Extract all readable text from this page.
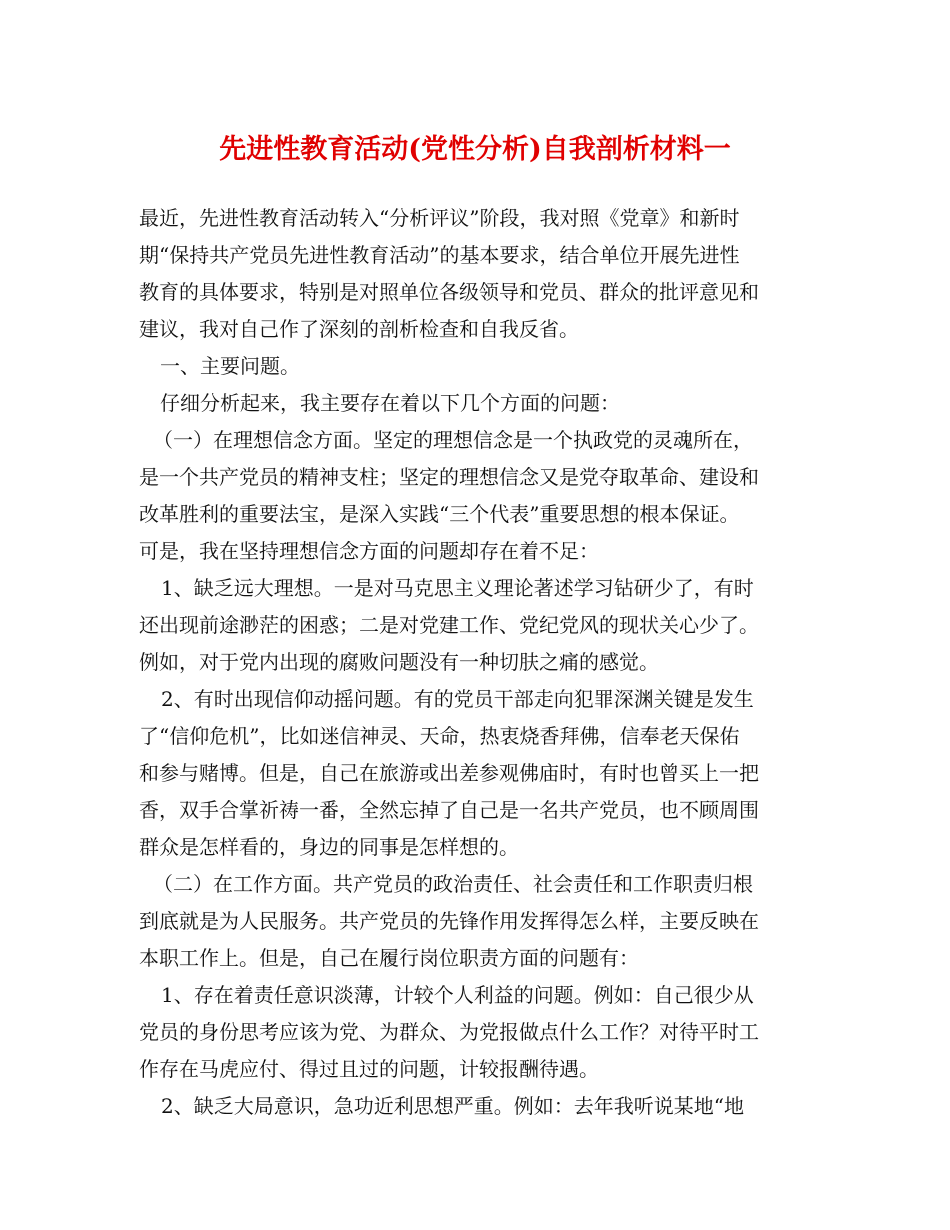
先进性教育活动(党性分析)自我剖析材料一
最近，先进性教育活动转入“分析评议”阶段，我对照《党章》和新时
期“保持共产党员先进性教育活动”的基本要求，结合单位开展先进性
教育的具体要求，特别是对照单位各级领导和党员、群众的批评意见和
建议，我对自己作了深刻的剖析检查和自我反省。
一、主要问题。
仔细分析起来，我主要存在着以下几个方面的问题：
（一）在理想信念方面。坚定的理想信念是一个执政党的灵魂所在，
是一个共产党员的精神支柱；坚定的理想信念又是党夺取革命、建设和
改革胜利的重要法宝，是深入实践“三个代表”重要思想的根本保证。
可是，我在坚持理想信念方面的问题却存在着不足：
1、缺乏远大理想。一是对马克思主义理论著述学习钻研少了，有时
还出现前途渺茫的困惑；二是对党建工作、党纪党风的现状关心少了。
例如，对于党内出现的腐败问题没有一种切肤之痛的感觉。
2、有时出现信仰动摇问题。有的党员干部走向犯罪深渊关键是发生
了“信仰危机”，比如迷信神灵、天命，热衷烧香拜佛，信奉老天保佑
和参与赌博。但是，自己在旅游或出差参观佛庙时，有时也曾买上一把
香，双手合掌祈祷一番，全然忘掉了自己是一名共产党员，也不顾周围
群众是怎样看的，身边的同事是怎样想的。
（二）在工作方面。共产党员的政治责任、社会责任和工作职责归根
到底就是为人民服务。共产党员的先锋作用发挥得怎么样，主要反映在
本职工作上。但是，自己在履行岗位职责方面的问题有：
1、存在着责任意识淡薄，计较个人利益的问题。例如：自己很少从
党员的身份思考应该为党、为群众、为党报做点什么工作？对待平时工
作存在马虎应付、得过且过的问题，计较报酬待遇。
2、缺乏大局意识，急功近利思想严重。例如：去年我听说某地“地
